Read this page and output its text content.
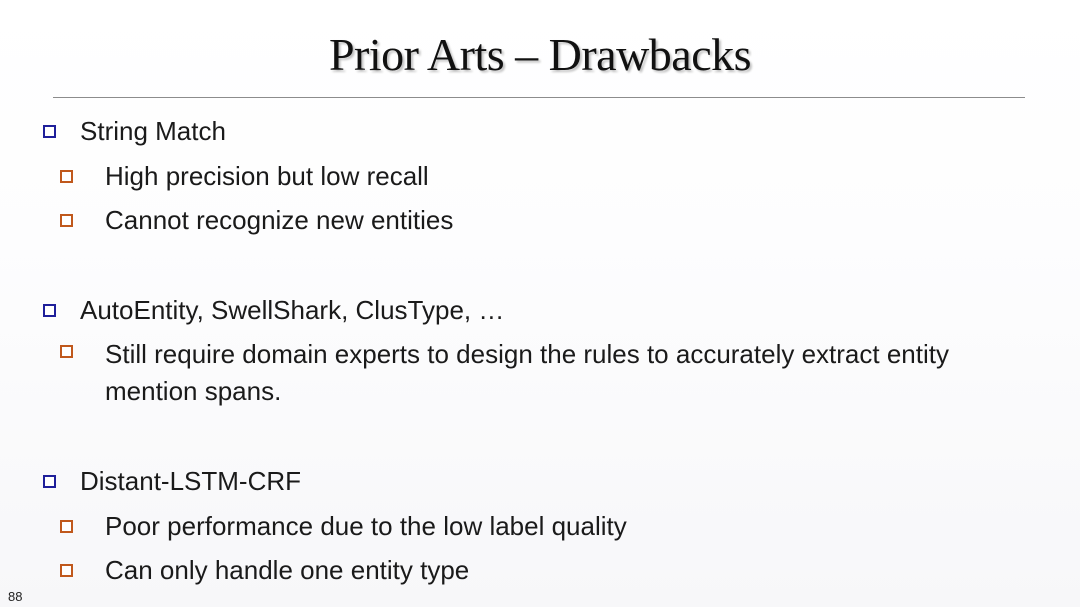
Prior Arts – Drawbacks
String Match
High precision but low recall
Cannot recognize new entities
AutoEntity, SwellShark, ClusType, …
Still require domain experts to design the rules to accurately extract entity mention spans.
Distant-LSTM-CRF
Poor performance due to the low label quality
Can only handle one entity type
88
